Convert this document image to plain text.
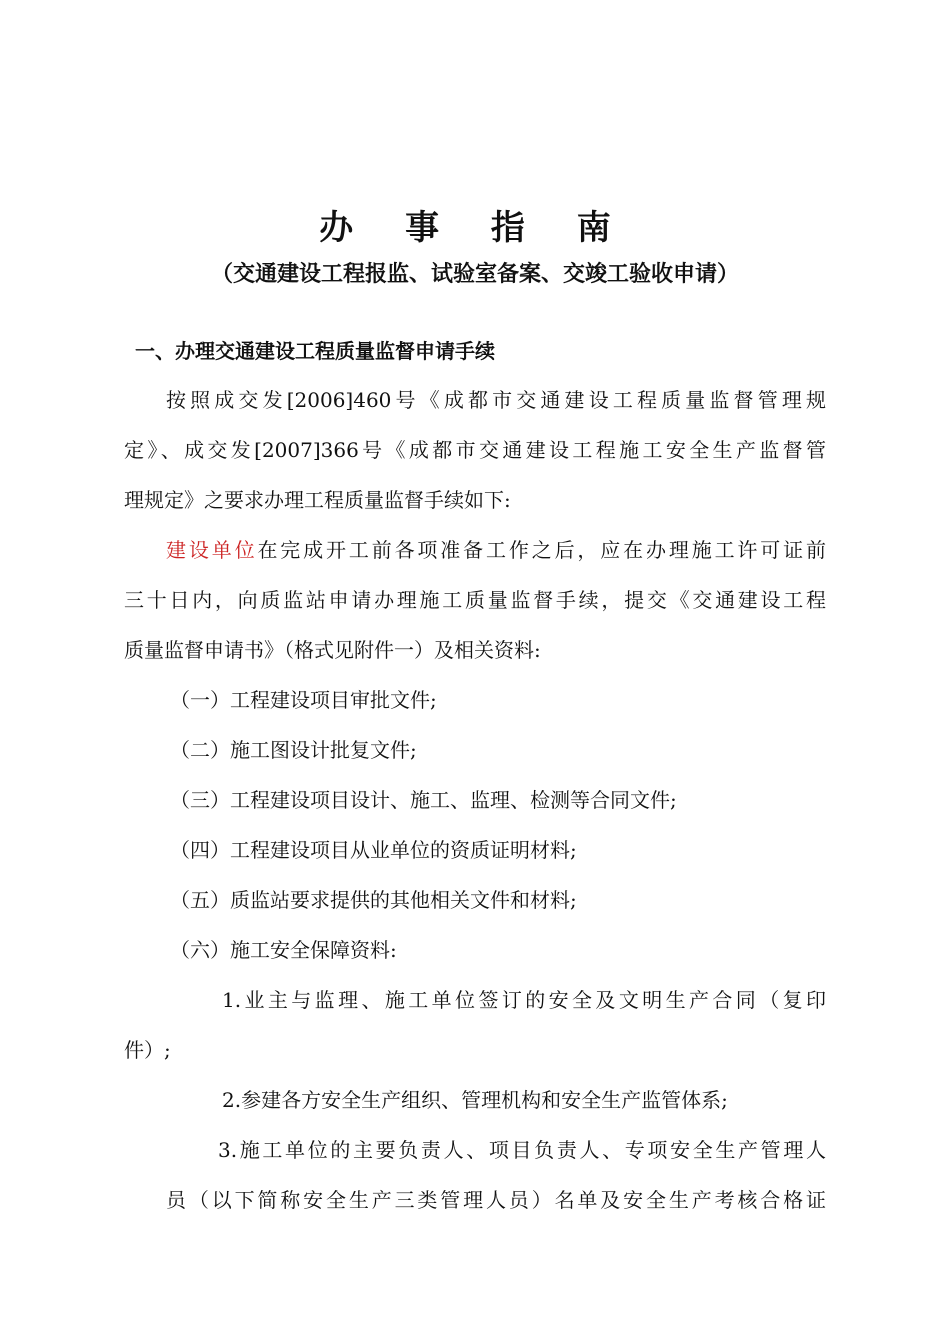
办 事 指 南
（交通建设工程报监、试验室备案、交竣工验收申请）
一、办理交通建设工程质量监督申请手续
按照成交发[2006]460号《成都市交通建设工程质量监督管理规
定》、成交发[2007]366号《成都市交通建设工程施工安全生产监督管
理规定》之要求办理工程质量监督手续如下:
建设单位在完成开工前各项准备工作之后，应在办理施工许可证前
三十日内，向质监站申请办理施工质量监督手续，提交《交通建设工程
质量监督申请书》（格式见附件一）及相关资料:
（一）工程建设项目审批文件;
（二）施工图设计批复文件;
（三）工程建设项目设计、施工、监理、检测等合同文件;
（四）工程建设项目从业单位的资质证明材料;
（五）质监站要求提供的其他相关文件和材料;
（六）施工安全保障资料:
1.业主与监理、施工单位签订的安全及文明生产合同（复印
件）;
2.参建各方安全生产组织、管理机构和安全生产监管体系;
3.施工单位的主要负责人、项目负责人、专项安全生产管理人
员（以下简称安全生产三类管理人员）名单及安全生产考核合格证
